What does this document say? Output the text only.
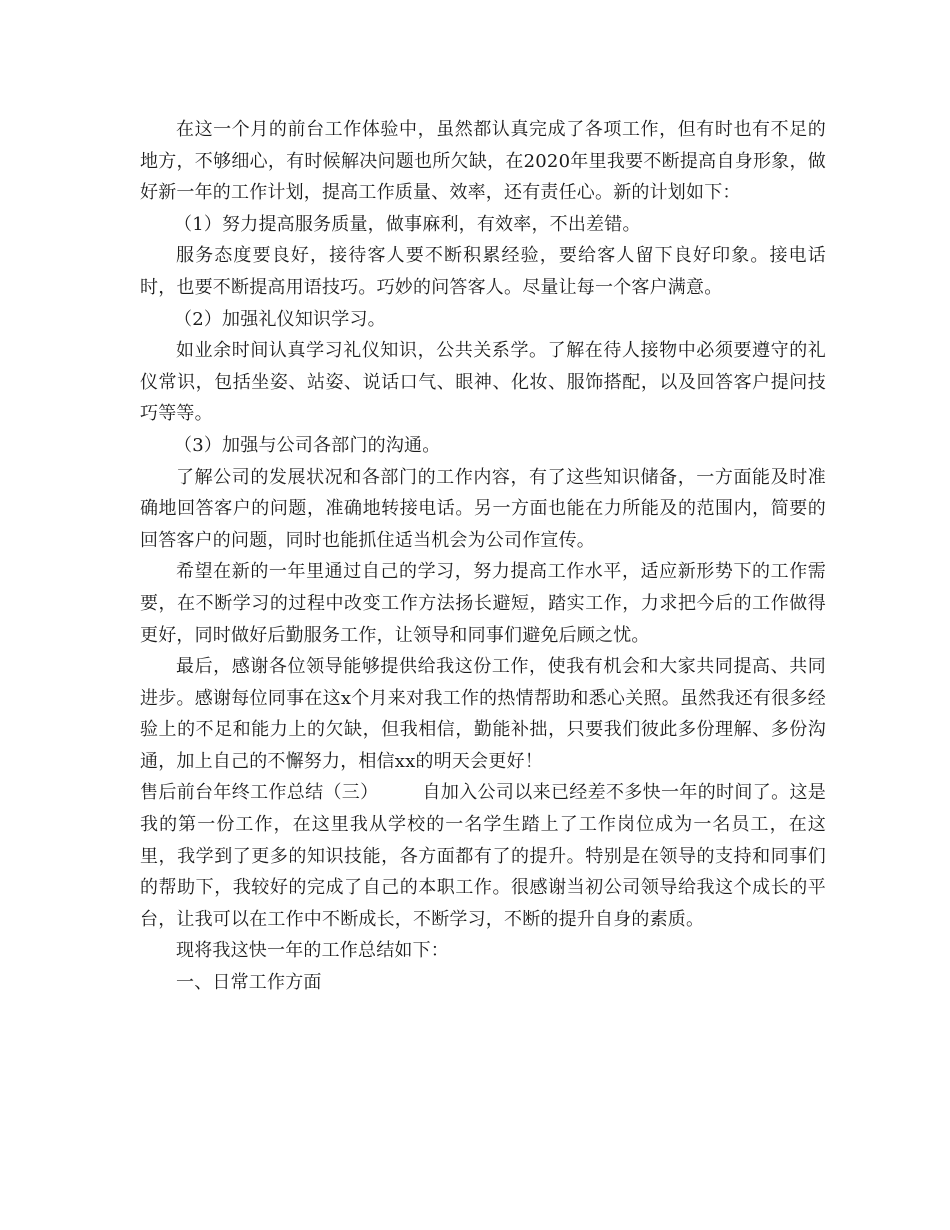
在这一个月的前台工作体验中，虽然都认真完成了各项工作，但有时也有不足的地方，不够细心，有时候解决问题也所欠缺，在2020年里我要不断提高自身形象，做好新一年的工作计划，提高工作质量、效率，还有责任心。新的计划如下：

（1）努力提高服务质量，做事麻利，有效率，不出差错。

服务态度要良好，接待客人要不断积累经验，要给客人留下良好印象。接电话时，也要不断提高用语技巧。巧妙的问答客人。尽量让每一个客户满意。

（2）加强礼仪知识学习。

如业余时间认真学习礼仪知识，公共关系学。了解在待人接物中必须要遵守的礼仪常识，包括坐姿、站姿、说话口气、眼神、化妆、服饰搭配，以及回答客户提问技巧等等。

（3）加强与公司各部门的沟通。

了解公司的发展状况和各部门的工作内容，有了这些知识储备，一方面能及时准确地回答客户的问题，准确地转接电话。另一方面也能在力所能及的范围内，简要的回答客户的问题，同时也能抓住适当机会为公司作宣传。

希望在新的一年里通过自己的学习，努力提高工作水平，适应新形势下的工作需要，在不断学习的过程中改变工作方法扬长避短，踏实工作，力求把今后的工作做得更好，同时做好后勤服务工作，让领导和同事们避免后顾之忧。

最后，感谢各位领导能够提供给我这份工作，使我有机会和大家共同提高、共同进步。感谢每位同事在这x个月来对我工作的热情帮助和悉心关照。虽然我还有很多经验上的不足和能力上的欠缺，但我相信，勤能补拙，只要我们彼此多份理解、多份沟通，加上自己的不懈努力，相信xx的明天会更好！

售后前台年终工作总结（三） 自加入公司以来已经差不多快一年的时间了。这是我的第一份工作，在这里我从学校的一名学生踏上了工作岗位成为一名员工，在这里，我学到了更多的知识技能，各方面都有了的提升。特别是在领导的支持和同事们的帮助下，我较好的完成了自己的本职工作。很感谢当初公司领导给我这个成长的平台，让我可以在工作中不断成长，不断学习，不断的提升自身的素质。

现将我这快一年的工作总结如下：

一、日常工作方面
